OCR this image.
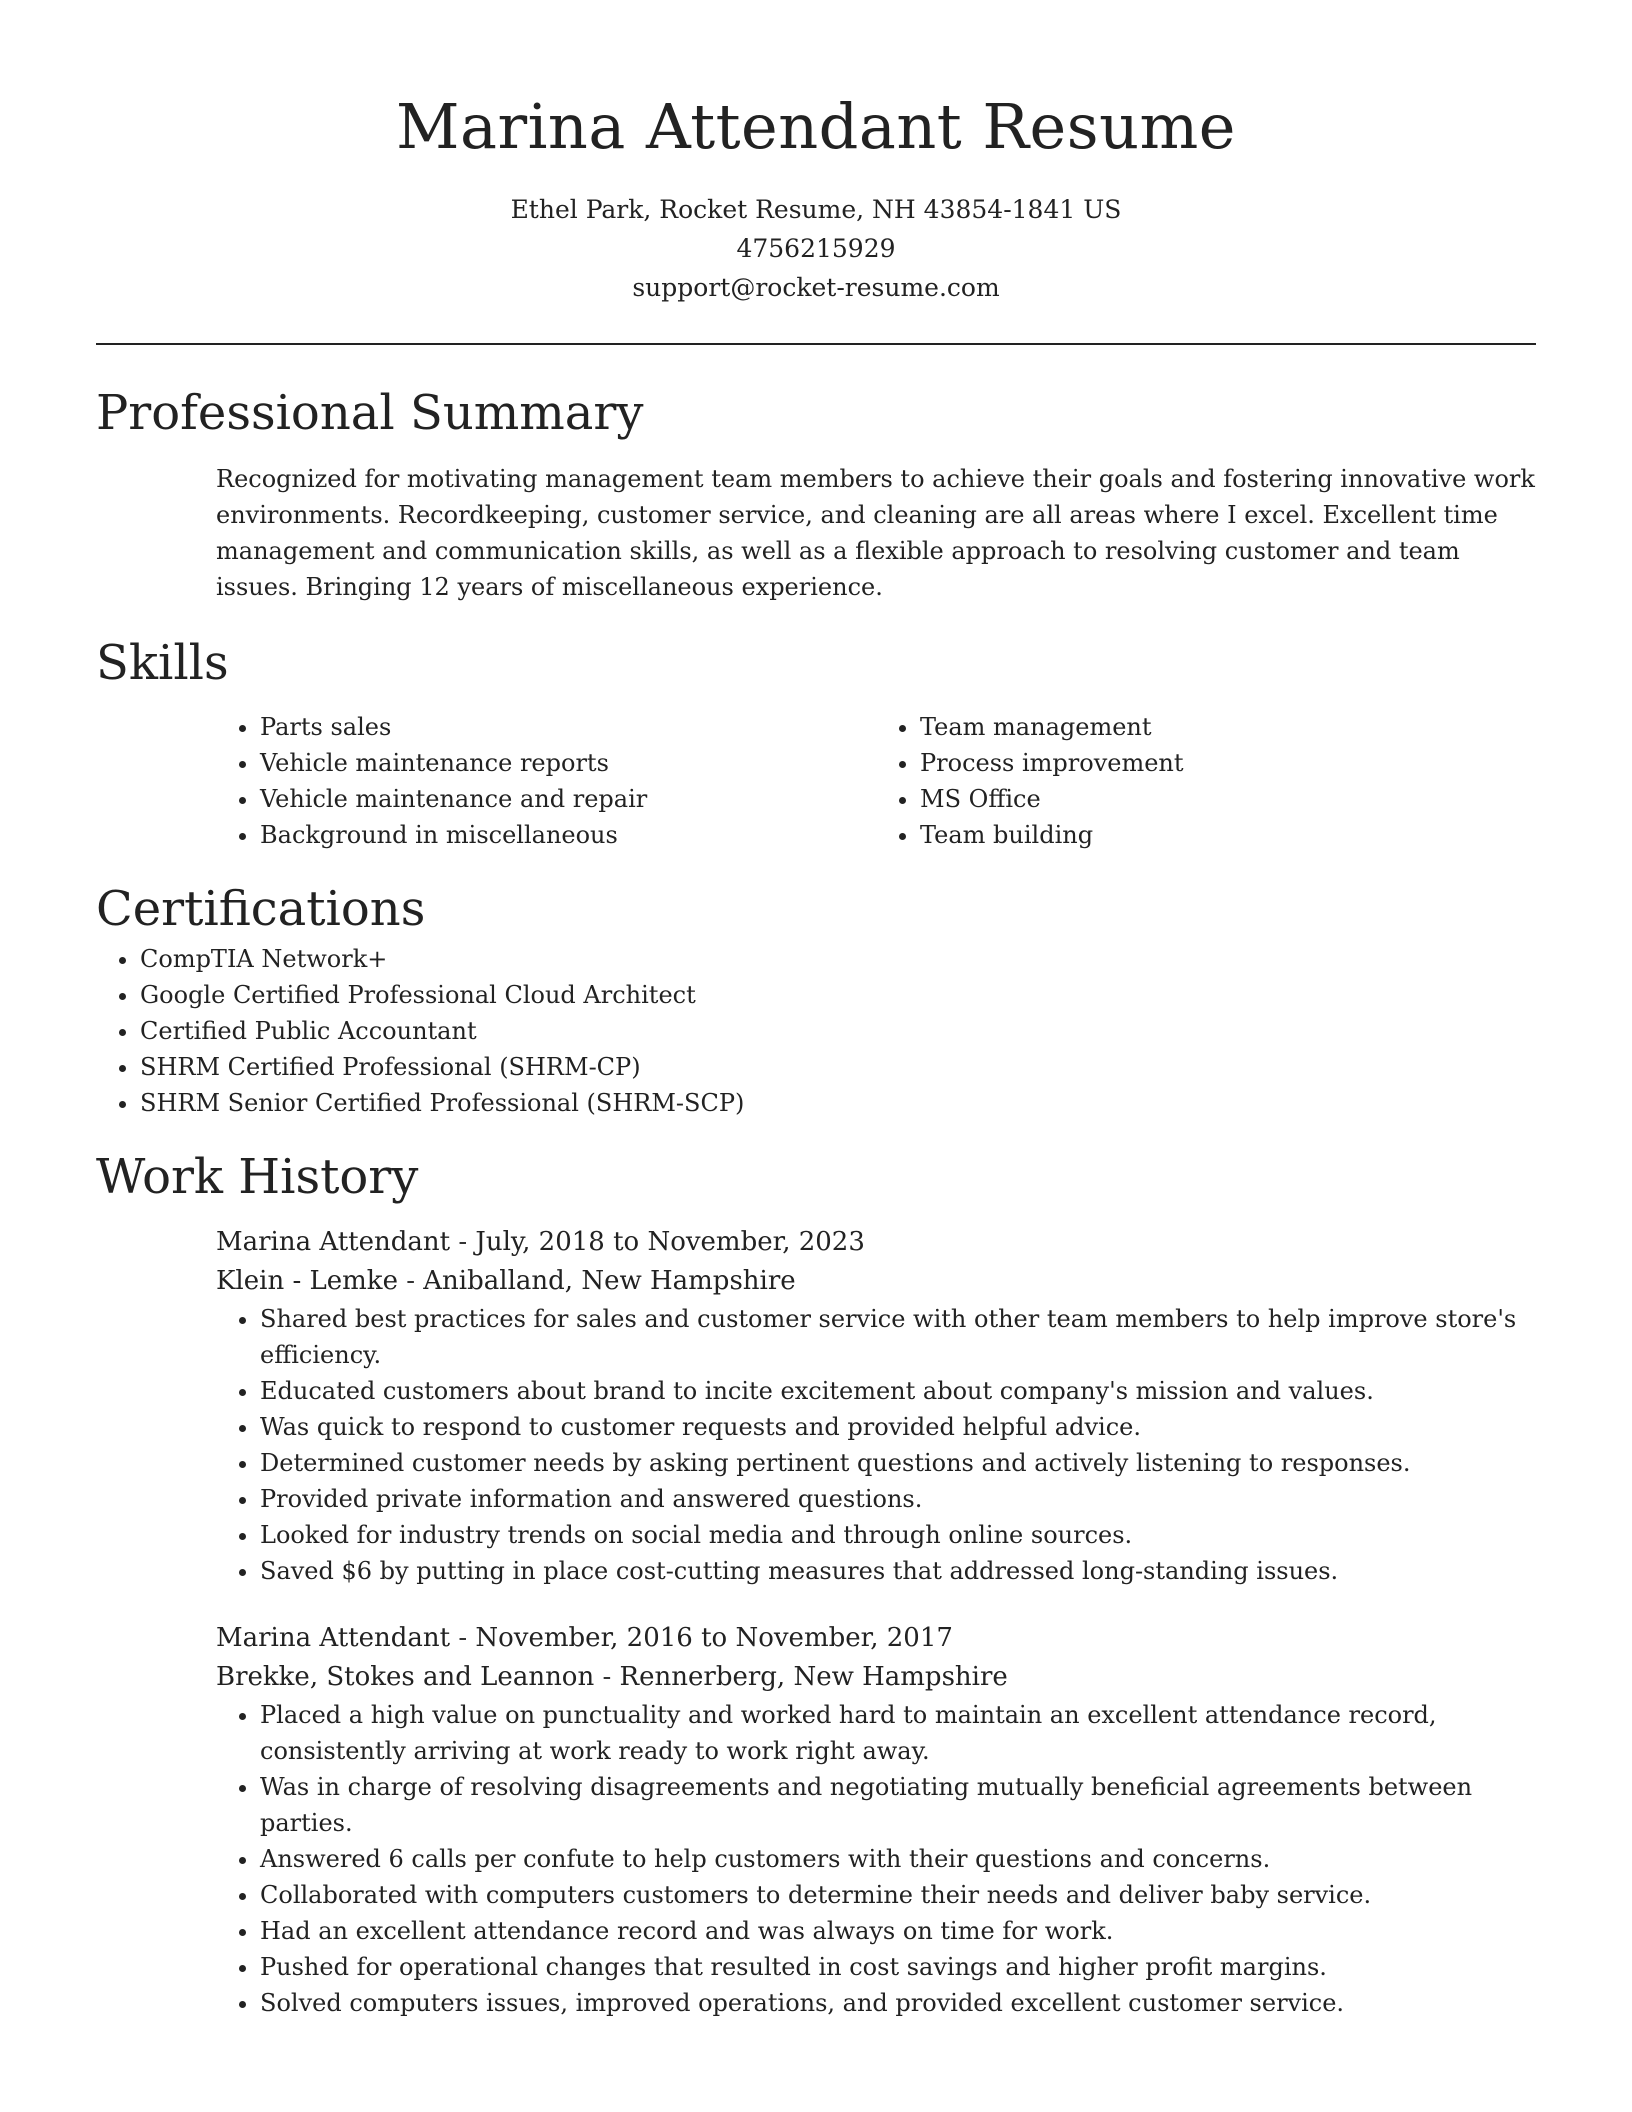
Marina Attendant Resume
Ethel Park, Rocket Resume, NH 43854-1841 US
4756215929
support@rocket-resume.com
Professional Summary

Recognized for motivating management team members to achieve their goals and fostering innovative work environments. Recordkeeping, customer service, and cleaning are all areas where I excel. Excellent time management and communication skills, as well as a flexible approach to resolving customer and team issues. Bringing 12 years of miscellaneous experience.

Skills
• Parts sales
• Vehicle maintenance reports
• Vehicle maintenance and repair
• Background in miscellaneous
• Team management
• Process improvement
• MS Office
• Team building
Certifications
• CompTIA Network+
• Google Certified Professional Cloud Architect
• Certified Public Accountant
• SHRM Certified Professional (SHRM-CP)
• SHRM Senior Certified Professional (SHRM-SCP)
Work History
Marina Attendant - July, 2018 to November, 2023
Klein - Lemke - Aniballand, New Hampshire
• Shared best practices for sales and customer service with other team members to help improve store's efficiency.
• Educated customers about brand to incite excitement about company's mission and values.
• Was quick to respond to customer requests and provided helpful advice.
• Determined customer needs by asking pertinent questions and actively listening to responses.
• Provided private information and answered questions.
• Looked for industry trends on social media and through online sources.
• Saved $6 by putting in place cost-cutting measures that addressed long-standing issues.
Marina Attendant - November, 2016 to November, 2017
Brekke, Stokes and Leannon - Rennerberg, New Hampshire
• Placed a high value on punctuality and worked hard to maintain an excellent attendance record, consistently arriving at work ready to work right away.
• Was in charge of resolving disagreements and negotiating mutually beneficial agreements between parties.
• Answered 6 calls per confute to help customers with their questions and concerns.
• Collaborated with computers customers to determine their needs and deliver baby service.
• Had an excellent attendance record and was always on time for work.
• Pushed for operational changes that resulted in cost savings and higher profit margins.
• Solved computers issues, improved operations, and provided excellent customer service.
